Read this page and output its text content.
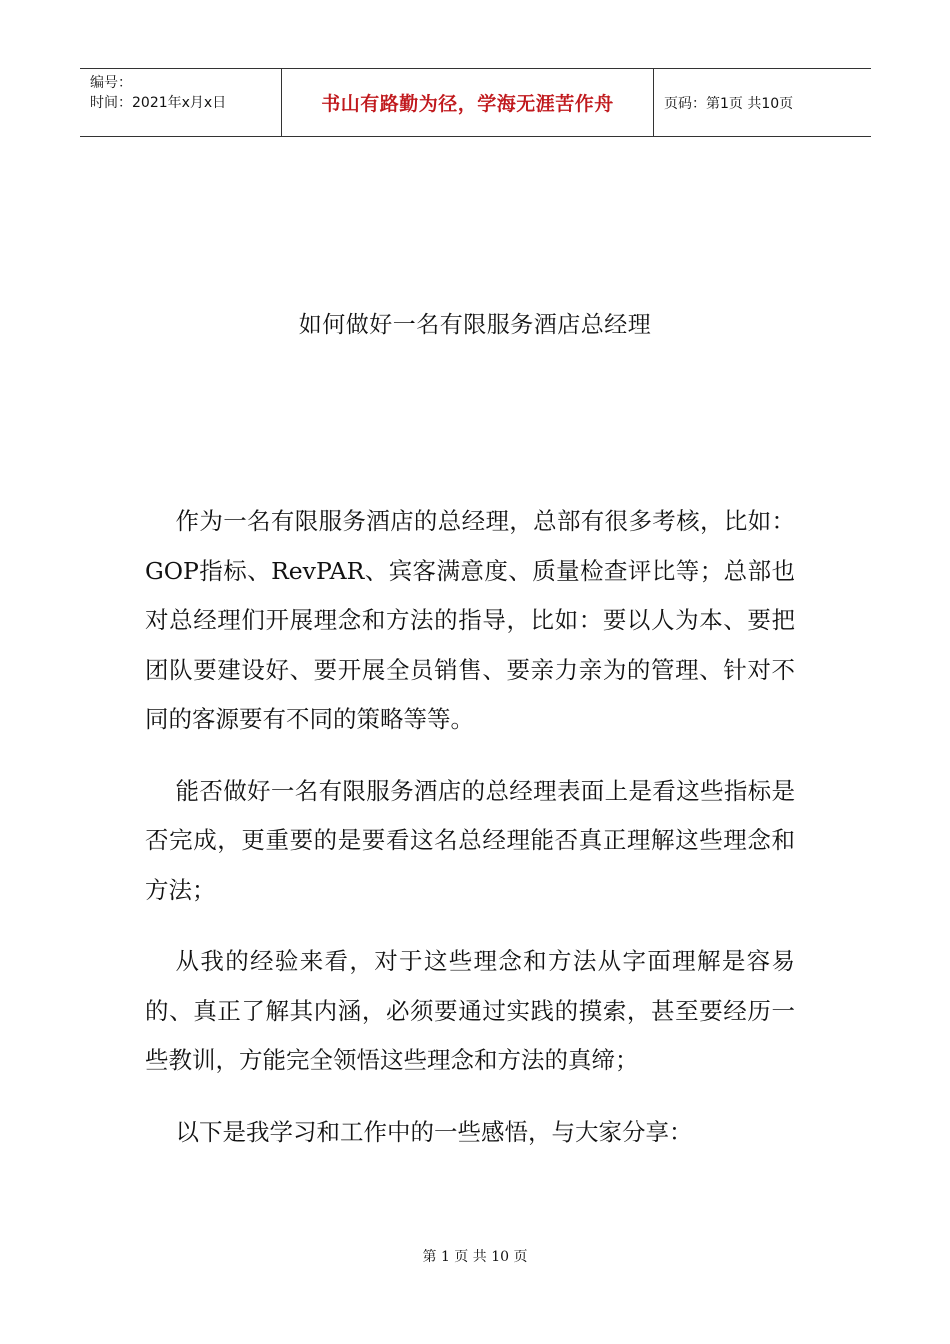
编号：
时间：2021年x月x日	书山有路勤为径，学海无涯苦作舟	页码：第1页 共10页
如何做好一名有限服务酒店总经理

作为一名有限服务酒店的总经理，总部有很多考核，比如：GOP指标、RevPAR、宾客满意度、质量检查评比等；总部也对总经理们开展理念和方法的指导，比如：要以人为本、要把团队要建设好、要开展全员销售、要亲力亲为的管理、针对不同的客源要有不同的策略等等。

能否做好一名有限服务酒店的总经理表面上是看这些指标是否完成，更重要的是要看这名总经理能否真正理解这些理念和方法；

从我的经验来看，对于这些理念和方法从字面理解是容易的、真正了解其内涵，必须要通过实践的摸索，甚至要经历一些教训，方能完全领悟这些理念和方法的真缔；

以下是我学习和工作中的一些感悟，与大家分享：

第 1 页 共 10 页
